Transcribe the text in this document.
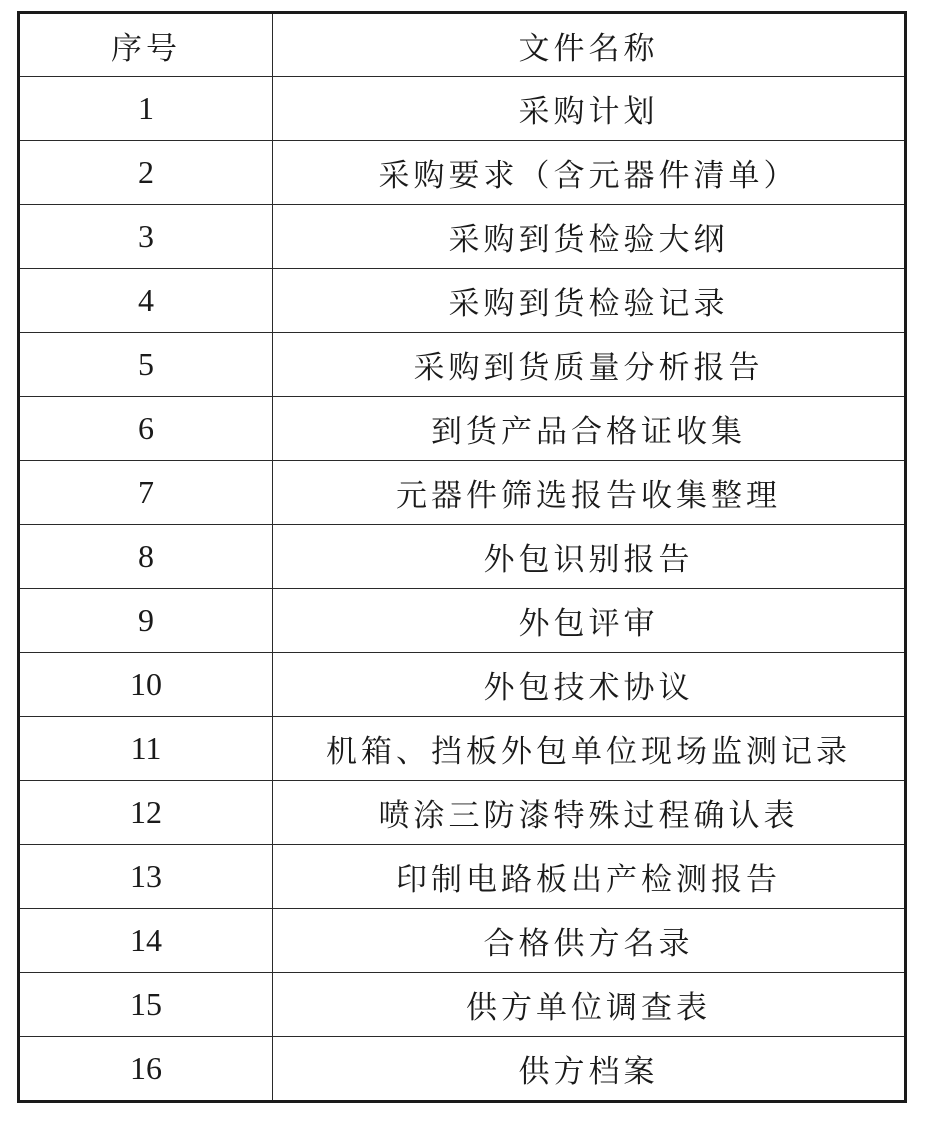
序号	文件名称
1	采购计划
2	采购要求（含元器件清单）
3	采购到货检验大纲
4	采购到货检验记录
5	采购到货质量分析报告
6	到货产品合格证收集
7	元器件筛选报告收集整理
8	外包识别报告
9	外包评审
10	外包技术协议
11	机箱、挡板外包单位现场监测记录
12	喷涂三防漆特殊过程确认表
13	印制电路板出产检测报告
14	合格供方名录
15	供方单位调查表
16	供方档案
